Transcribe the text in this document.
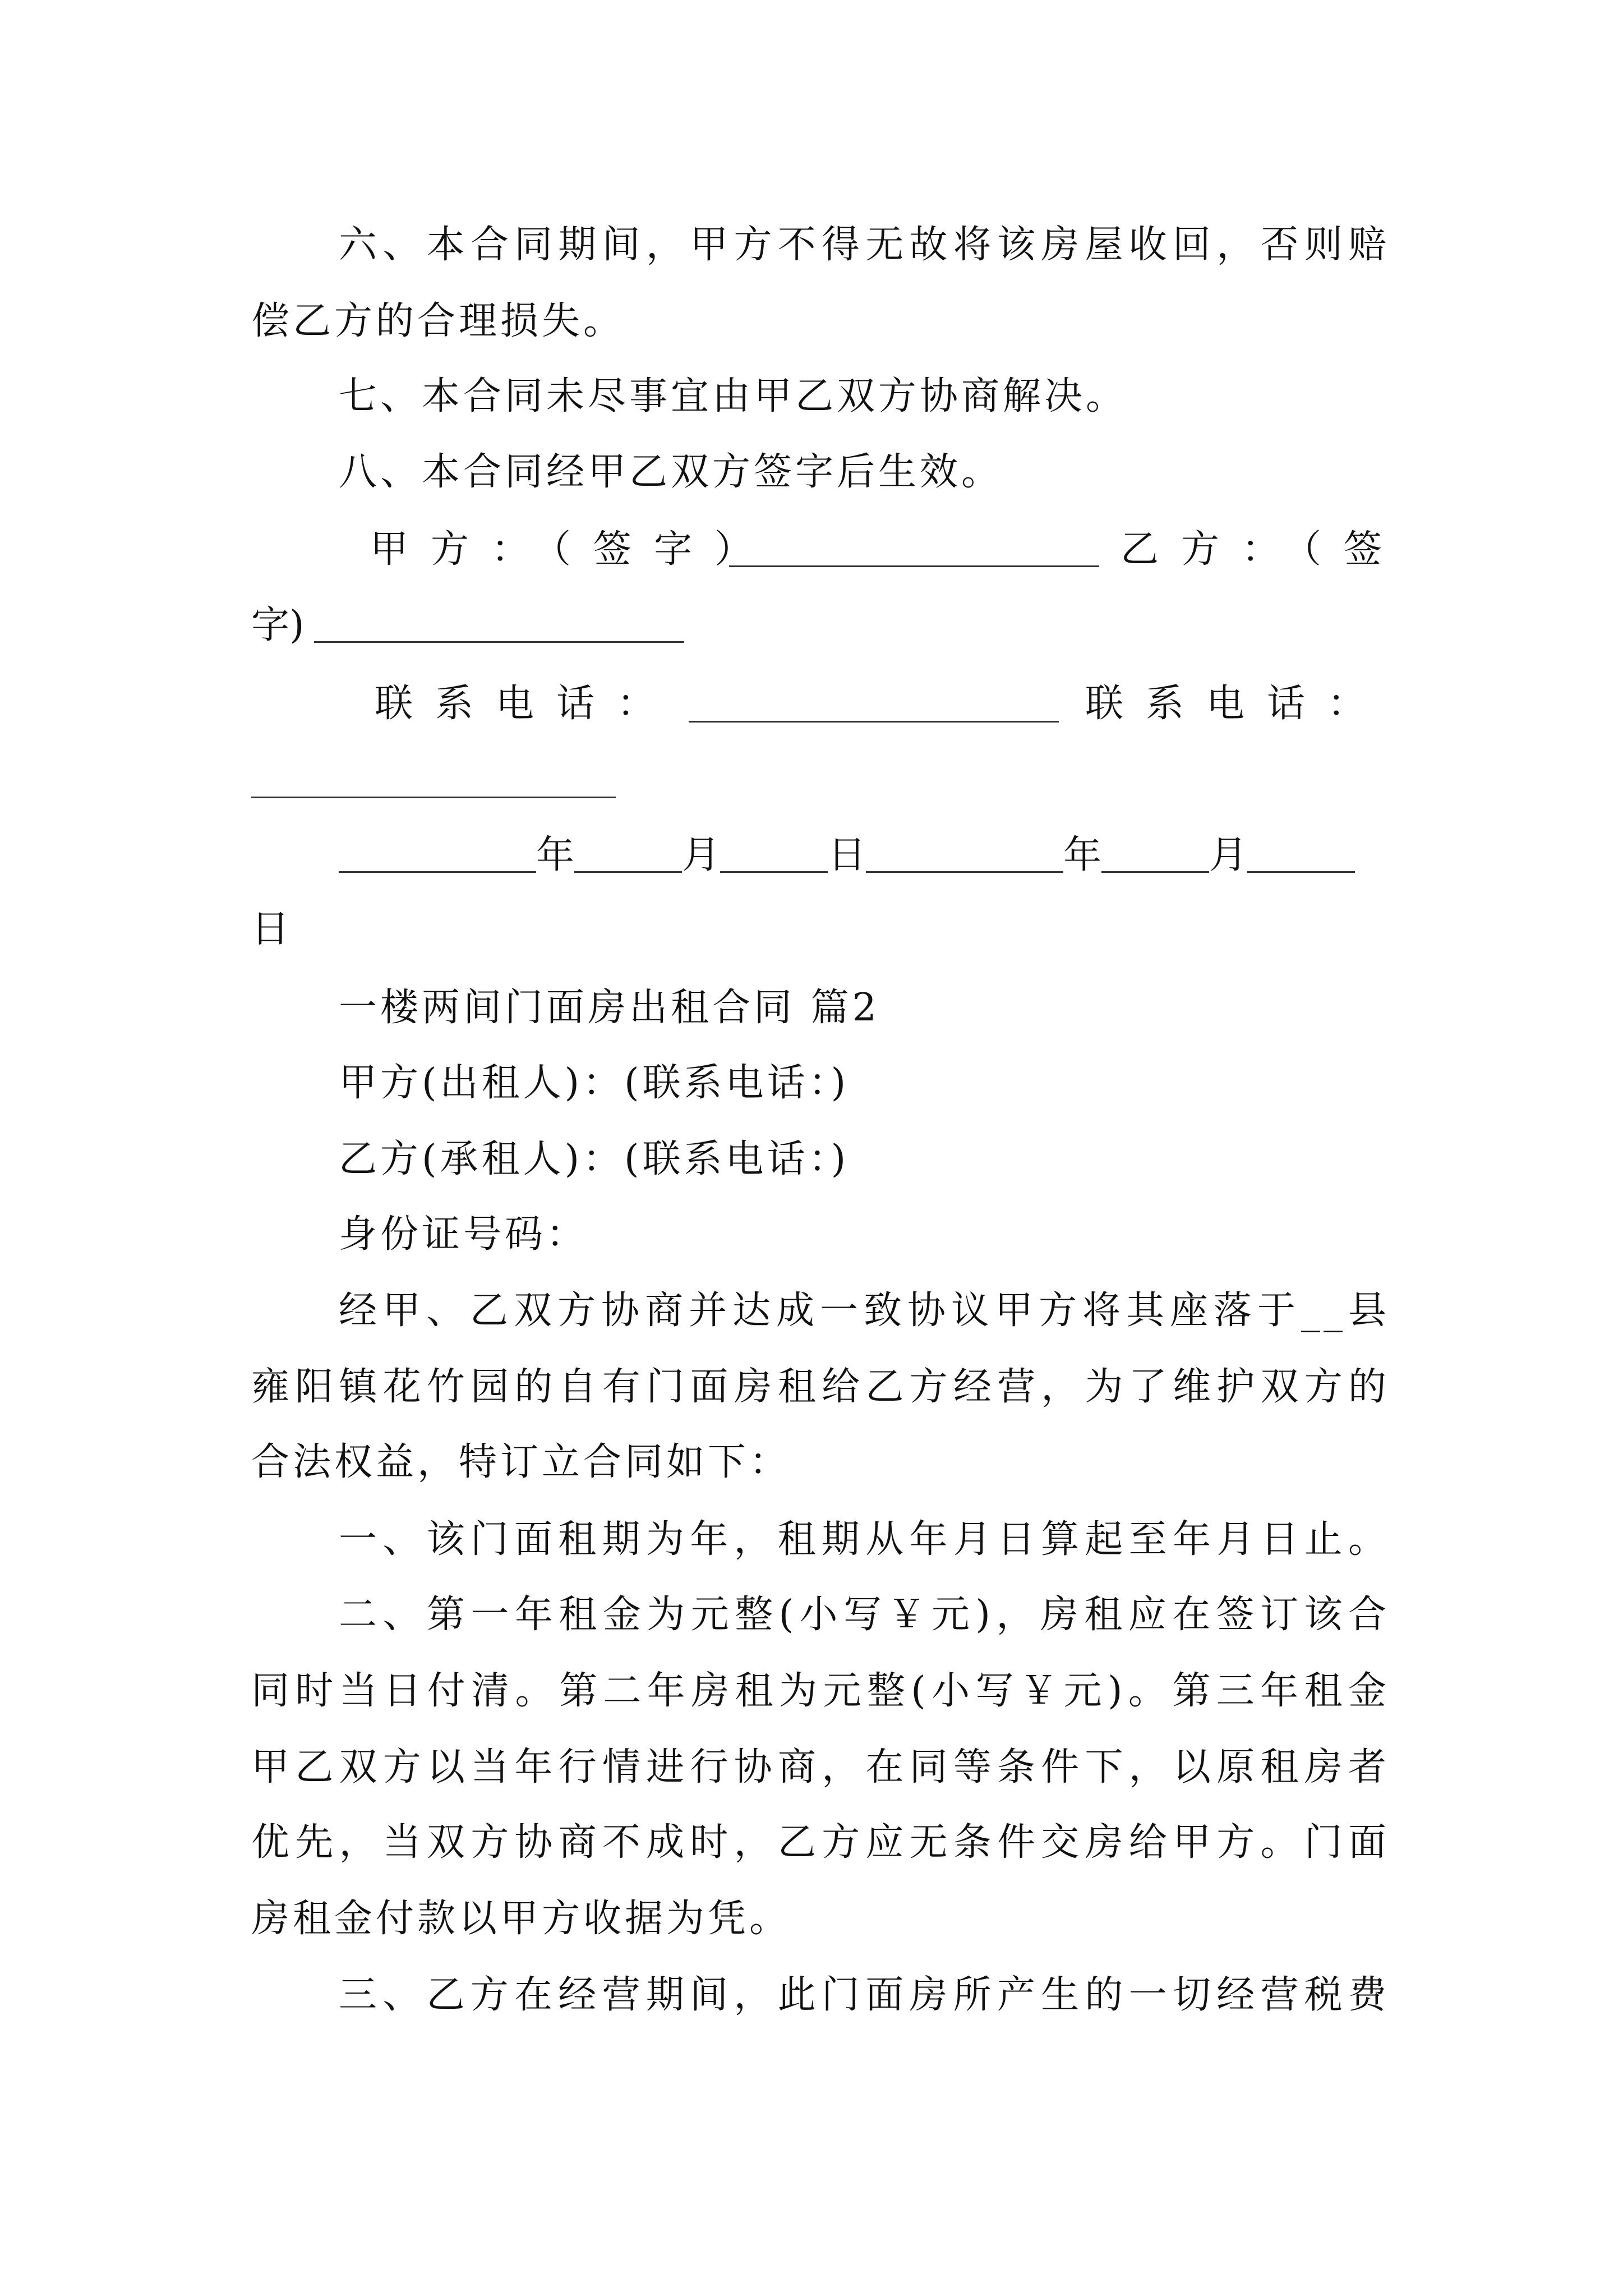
六、本合同期间，甲方不得无故将该房屋收回，否则赔
偿乙方的合理损失。
七、本合同未尽事宜由甲乙双方协商解决。
八、本合同经甲乙双方签字后生效。
甲方：（签字）	乙方：（签
字)
联系电话：	联系电话：
年	月	日	年	月
日
一楼两间门面房出租合同 篇2
甲方(出租人)：(联系电话：)
乙方(承租人)：(联系电话：)
身份证号码：
经甲、乙双方协商并达成一致协议甲方将其座落于__县
雍阳镇花竹园的自有门面房租给乙方经营，为了维护双方的
合法权益，特订立合同如下：
一、该门面租期为年，租期从年月日算起至年月日止。
二、第一年租金为元整(小写￥元)，房租应在签订该合
同时当日付清。第二年房租为元整(小写￥元)。第三年租金
甲乙双方以当年行情进行协商，在同等条件下，以原租房者
优先，当双方协商不成时，乙方应无条件交房给甲方。门面
房租金付款以甲方收据为凭。
三、乙方在经营期间，此门面房所产生的一切经营税费
